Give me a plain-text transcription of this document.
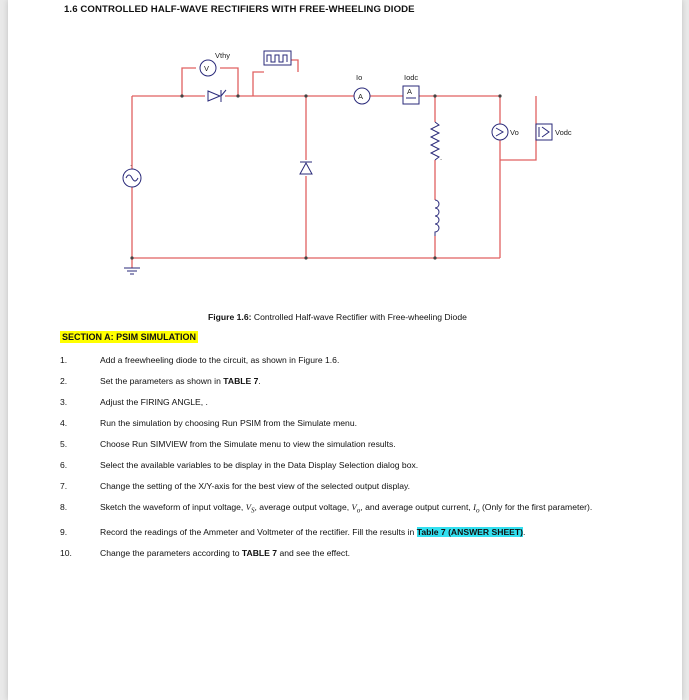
1.6 CONTROLLED HALF-WAVE RECTIFIERS WITH FREE-WHEELING DIODE
.
V
Vthy
Io
A
Iodc
A
.
Vo	Vodc
Figure 1.6: Controlled Half-wave Rectifier with Free-wheeling Diode
SECTION A: PSIM SIMULATION
1.	Add a freewheeling diode to the circuit, as shown in Figure 1.6.
2.	Set the parameters as shown in TABLE 7.
3.	Adjust the FIRING ANGLE, .
4.	Run the simulation by choosing Run PSIM from the Simulate menu.
5.	Choose Run SIMVIEW from the Simulate menu to view the simulation results.
6.	Select the available variables to be display in the Data Display Selection dialog box.
7.	Change the setting of the X/Y-axis for the best view of the selected output display.
8.	Sketch the waveform of input voltage, $V_S$, average output voltage, $V_o$, and average output current, $I_o$ (Only for the first parameter).
9.	Record the readings of the Ammeter and Voltmeter of the rectifier. Fill the results in Table 7 (ANSWER SHEET).
10.	Change the parameters according to TABLE 7 and see the effect.
